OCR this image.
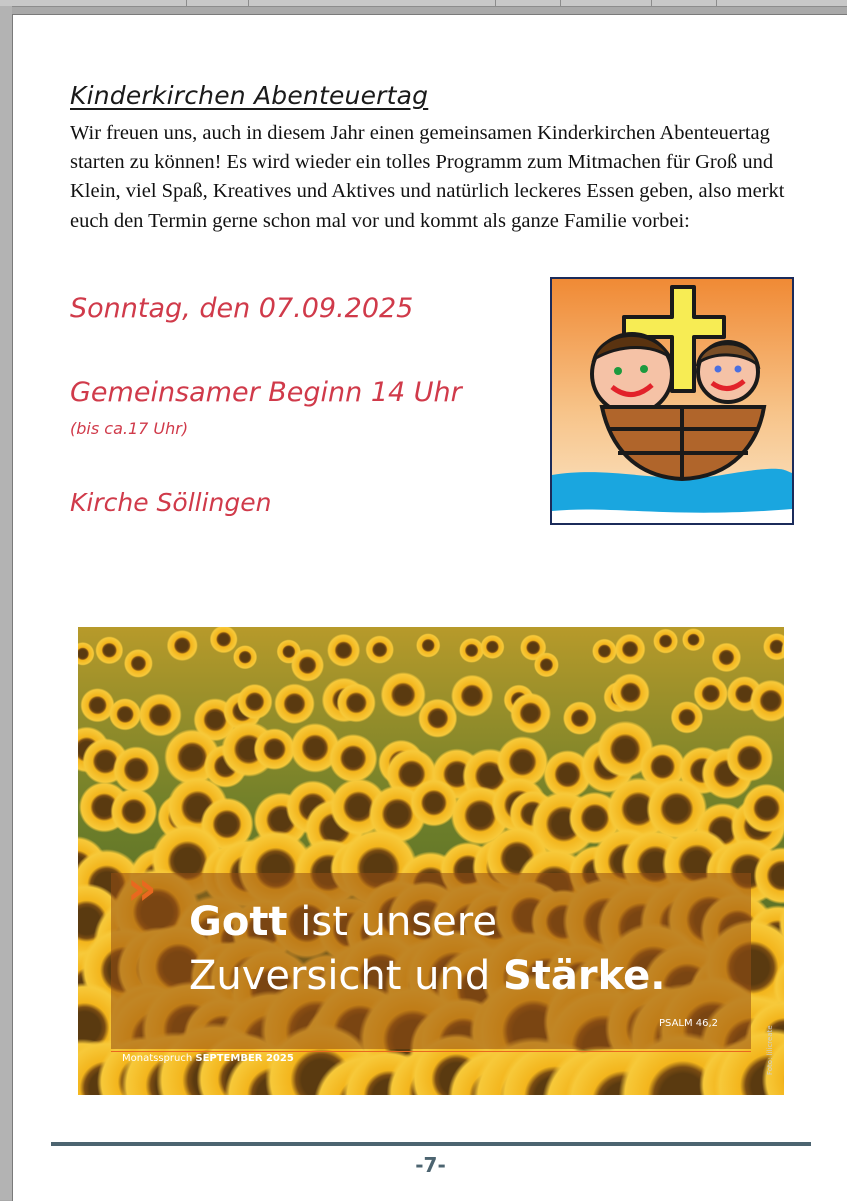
Kinderkirchen Abenteuertag

Wir freuen uns, auch in diesem Jahr einen gemeinsamen Kinderkirchen Abenteuertag starten zu können! Es wird wieder ein tolles Programm zum Mitmachen für Groß und Klein, viel Spaß, Kreatives und Aktives und natürlich leckeres Essen geben, also merkt euch den Termin gerne schon mal vor und kommt als ganze Familie vorbei:

Sonntag, den 07.09.2025
Gemeinsamer Beginn 14 Uhr
(bis ca.17 Uhr)
Kirche Söllingen
»
Gott ist unsere
Zuversicht und Stärke.
PSALM 46,2
Monatsspruch SEPTEMBER 2025	Foto: lilicreate
-7-
